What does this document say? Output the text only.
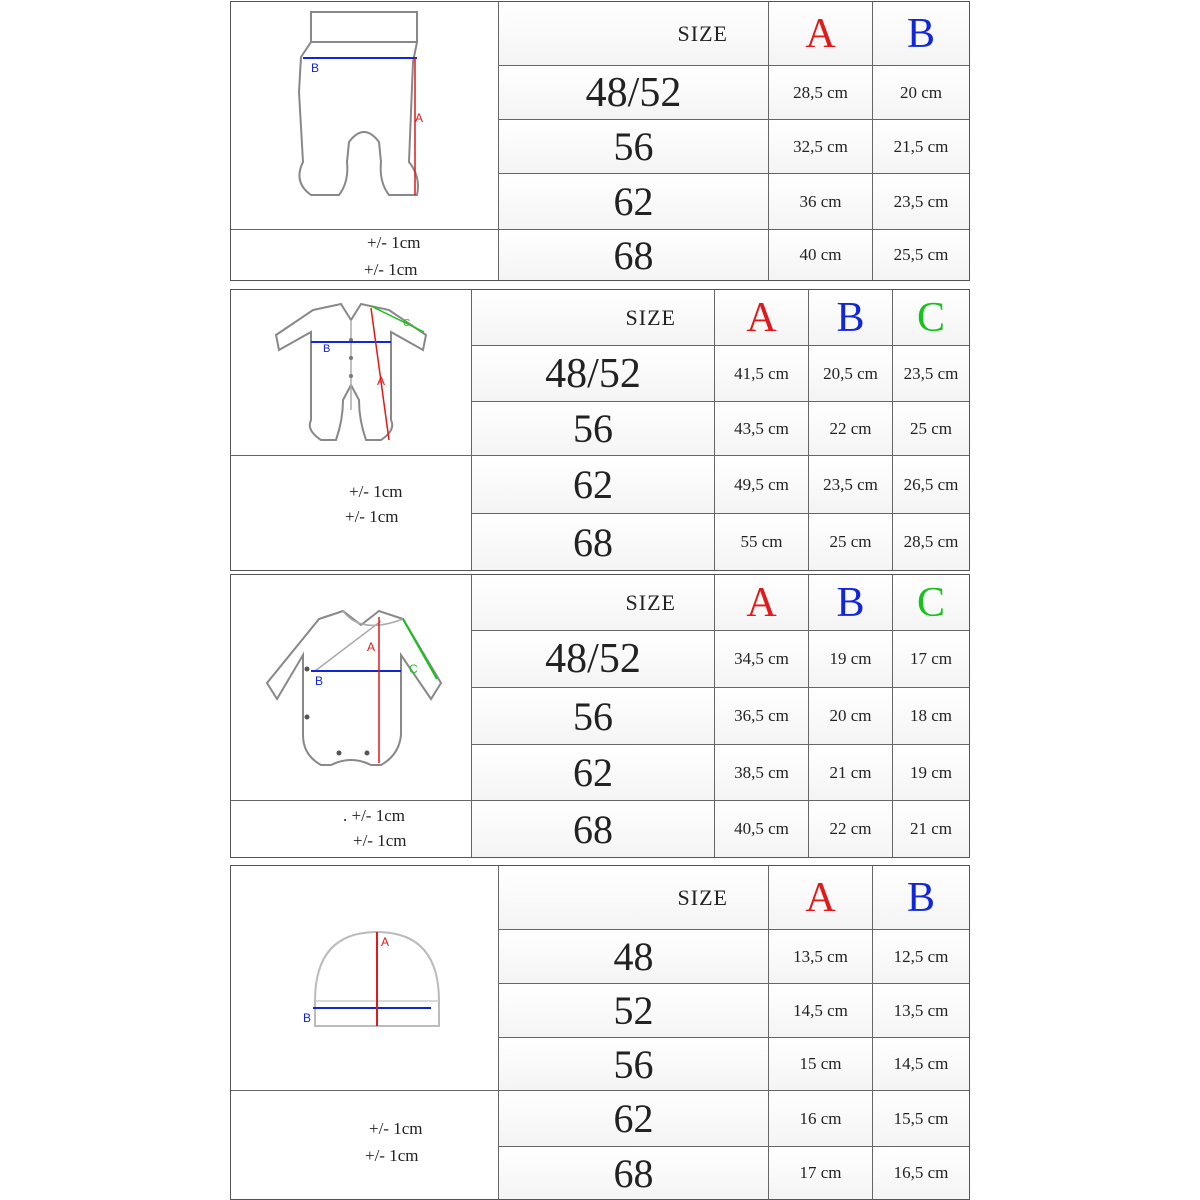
B
A
+/- 1cm
+/- 1cm
SIZE	A	B
48/52	28,5 cm	20 cm
56	32,5 cm	21,5 cm
62	36 cm	23,5 cm
68	40 cm	25,5 cm
B
A
C
+/- 1cm
+/- 1cm
SIZE	A	B	C
48/52	41,5 cm	20,5 cm	23,5 cm
56	43,5 cm	22 cm	25 cm
62	49,5 cm	23,5 cm	26,5 cm
68	55 cm	25 cm	28,5 cm
B
A
C
. +/- 1cm
+/- 1cm
SIZE	A	B	C
48/52	34,5 cm	19 cm	17 cm
56	36,5 cm	20 cm	18 cm
62	38,5 cm	21 cm	19 cm
68	40,5 cm	22 cm	21 cm
A
B
+/- 1cm
+/- 1cm
SIZE	A	B
48	13,5 cm	12,5 cm
52	14,5 cm	13,5 cm
56	15 cm	14,5 cm
62	16 cm	15,5 cm
68	17 cm	16,5 cm
